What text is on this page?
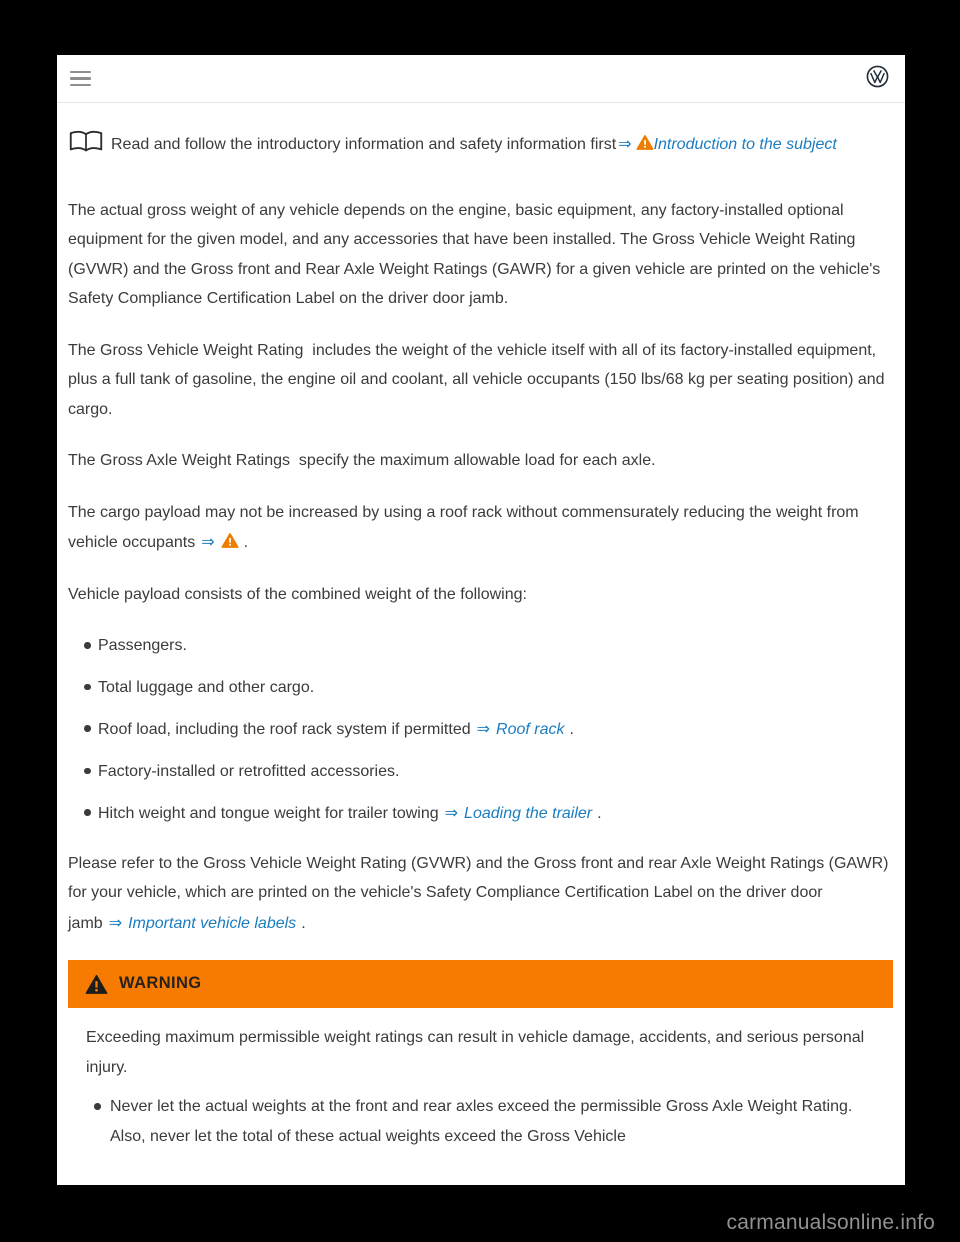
Read and follow the introductory information and safety information first ⇒ Introduction to the subject

The actual gross weight of any vehicle depends on the engine, basic equipment, any factory-installed optional equipment for the given model, and any accessories that have been installed. The Gross Vehicle Weight Rating (GVWR) and the Gross front and Rear Axle Weight Ratings (GAWR) for a given vehicle are printed on the vehicle's Safety Compliance Certification Label on the driver door jamb.

The Gross Vehicle Weight Rating  includes the weight of the vehicle itself with all of its factory-installed equipment, plus a full tank of gasoline, the engine oil and coolant, all vehicle occupants (150 lbs/68 kg per seating position) and cargo.

The Gross Axle Weight Ratings  specify the maximum allowable load for each axle.

The cargo payload may not be increased by using a roof rack without commensurately reducing the weight from vehicle occupants ⇒ .

Vehicle payload consists of the combined weight of the following:

Passengers.
Total luggage and other cargo.
Roof load, including the roof rack system if permitted ⇒ Roof rack .
Factory-installed or retrofitted accessories.
Hitch weight and tongue weight for trailer towing ⇒ Loading the trailer .

Please refer to the Gross Vehicle Weight Rating (GVWR) and the Gross front and rear Axle Weight Ratings (GAWR) for your vehicle, which are printed on the vehicle's Safety Compliance Certification Label on the driver door jamb ⇒ Important vehicle labels .

WARNING

Exceeding maximum permissible weight ratings can result in vehicle damage, accidents, and serious personal injury.

Never let the actual weights at the front and rear axles exceed the permissible Gross Axle Weight Rating. Also, never let the total of these actual weights exceed the Gross Vehicle
carmanualsonline.info
